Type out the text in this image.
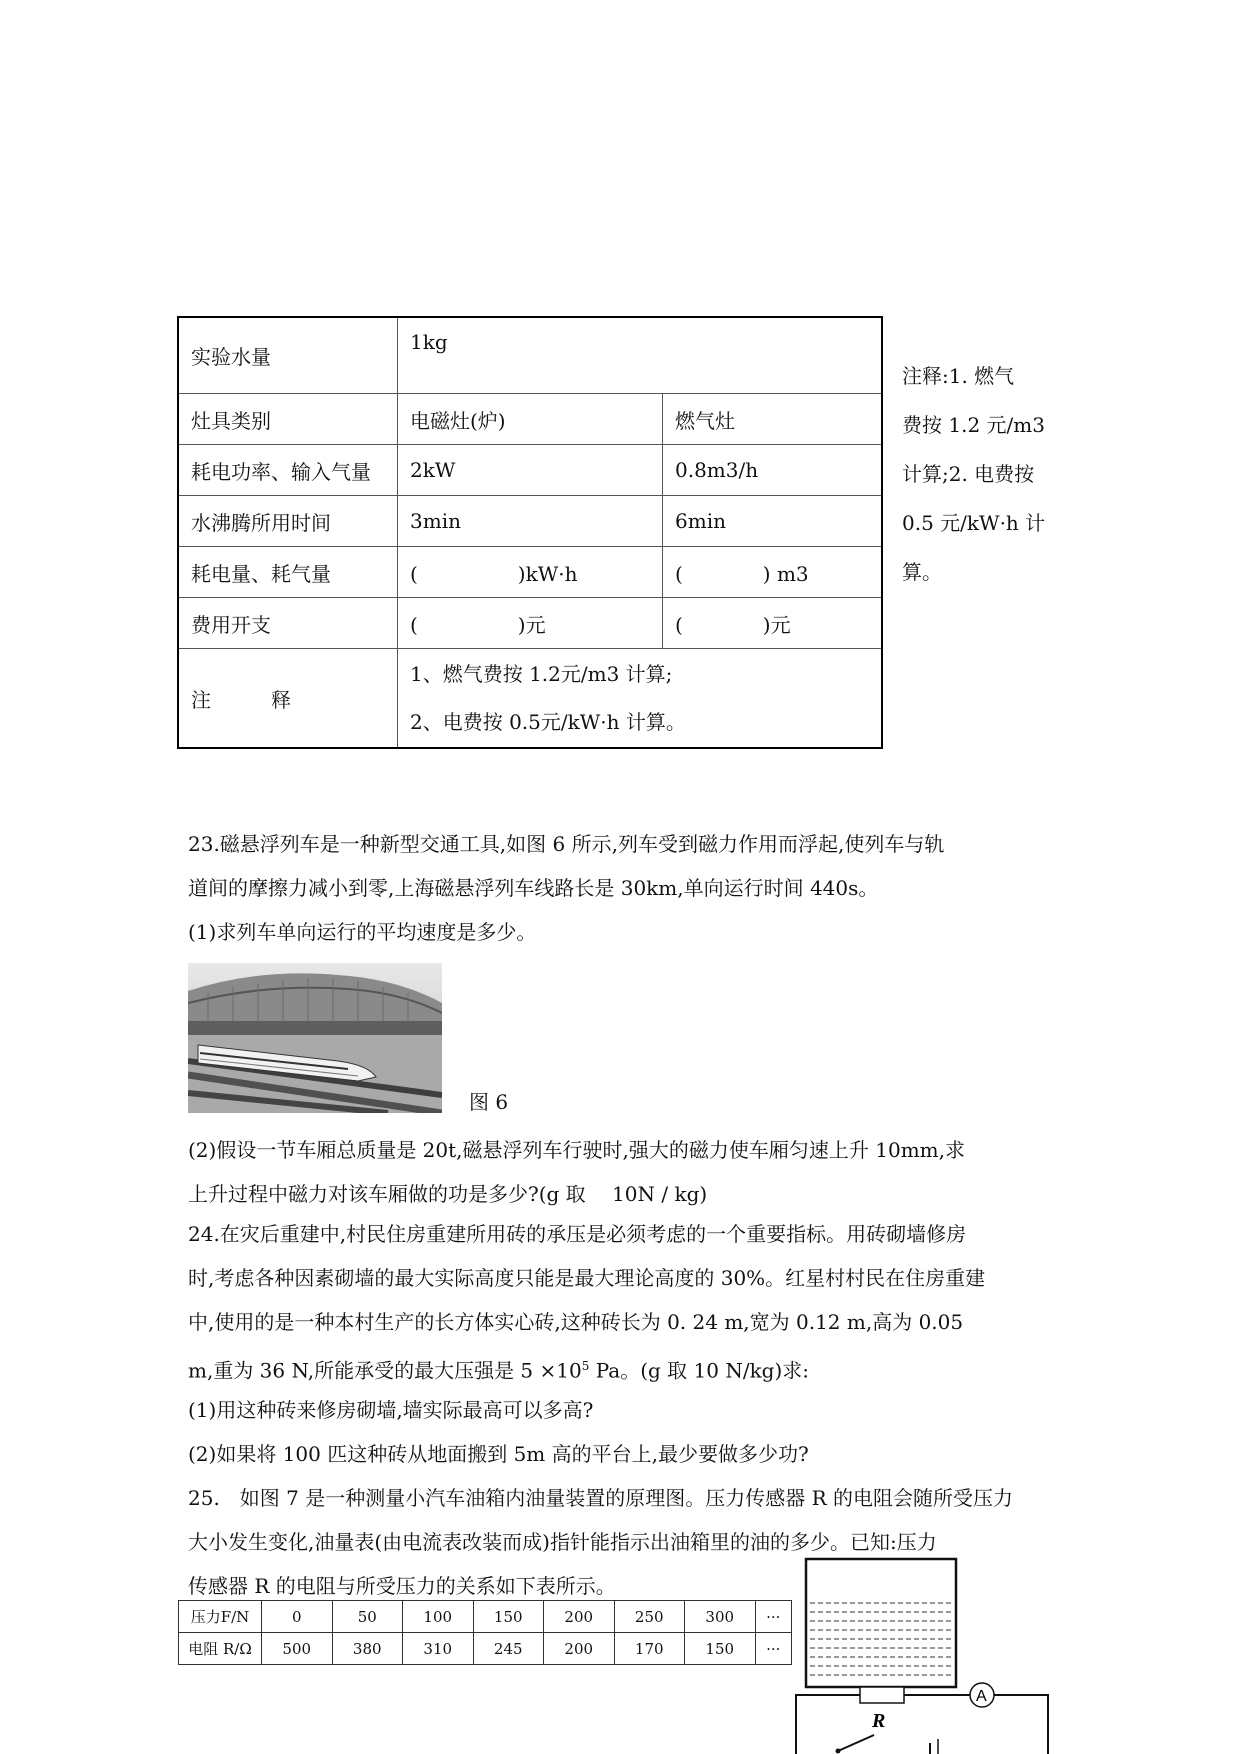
实验水量	1kg	
灶具类别	电磁灶(炉)	燃气灶
耗电功率、输入气量	2kW	0.8m3/h
水沸腾所用时间	3min	6min
耗电量、耗气量	(　　　　　)kW·h	(　　　　) m3
费用开支	(　　　　　)元	(　　　　)元
注　　　释	1、燃气费按 1.2元/m3 计算;
2、电费按 0.5元/kW·h 计算。	
注释:1. 燃气
费按 1.2 元/m3
计算;2. 电费按
0.5 元/kW·h 计
算。
23.磁悬浮列车是一种新型交通工具,如图 6 所示,列车受到磁力作用而浮起,使列车与轨
道间的摩擦力减小到零,上海磁悬浮列车线路长是 30km,单向运行时间 440s。
(1)求列车单向运行的平均速度是多少。
图 6
(2)假设一节车厢总质量是 20t,磁悬浮列车行驶时,强大的磁力使车厢匀速上升 10mm,求
上升过程中磁力对该车厢做的功是多少?(g 取　 10N / kg)
24.在灾后重建中,村民住房重建所用砖的承压是必须考虑的一个重要指标。用砖砌墙修房
时,考虑各种因素砌墙的最大实际高度只能是最大理论高度的 30%。红星村村民在住房重建
中,使用的是一种本村生产的长方体实心砖,这种砖长为 0. 24 m,宽为 0.12 m,高为 0.05
m,重为 36 N,所能承受的最大压强是 $5 \times 10^5$ Pa。(g 取 10 N/kg)求:
(1)用这种砖来修房砌墙,墙实际最高可以多高?
(2)如果将 100 匹这种砖从地面搬到 5m 高的平台上,最少要做多少功?
25.　如图 7 是一种测量小汽车油箱内油量装置的原理图。压力传感器 R 的电阻会随所受压力
大小发生变化,油量表(由电流表改装而成)指针能指示出油箱里的油的多少。已知:压力
传感器 R 的电阻与所受压力的关系如下表所示。
压力F/N	0	50	100	150	200	250	300	···
电阻 R/Ω	500	380	310	245	200	170	150	···
R
A
